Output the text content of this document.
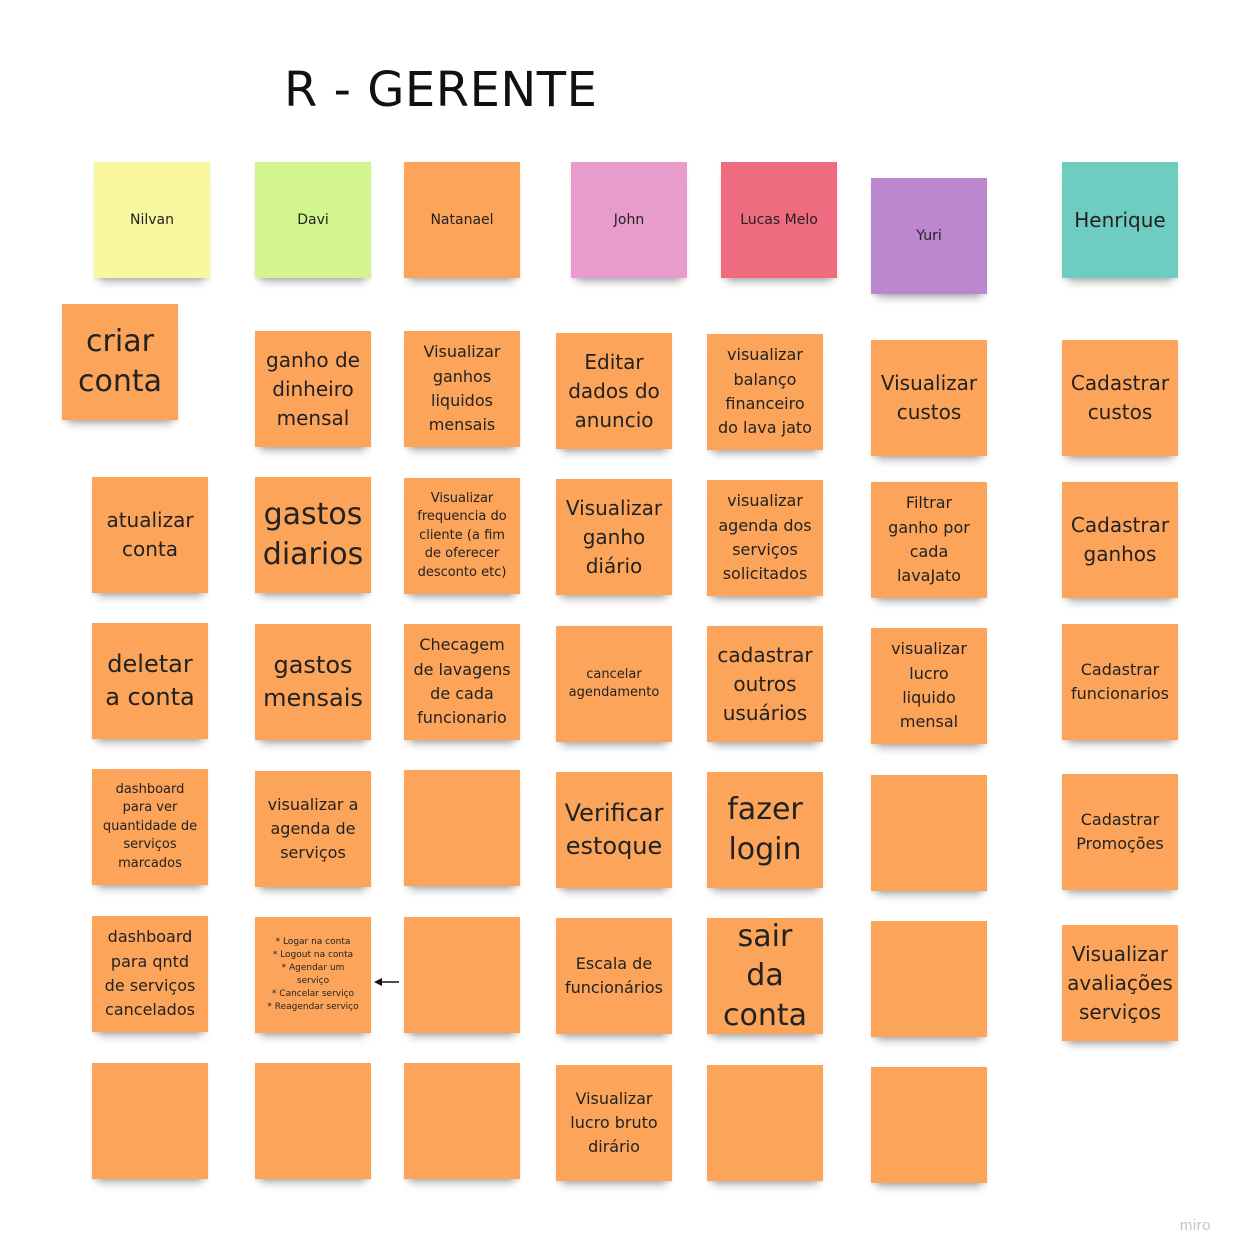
R - GERENTE
Nilvan	Davi	Natanael	John	Lucas Melo
Yuri
Henrique
criar
conta
atualizar
conta
deletar
a conta
dashboard
para ver
quantidade de
serviços
marcados
dashboard
para qntd
de serviços
cancelados
ganho de
dinheiro
mensal
gastos
diarios
gastos
mensais
visualizar a
agenda de
serviços
* Logar na conta
* Logout na conta
* Agendar um
serviço
* Cancelar serviço
* Reagendar serviço
Visualizar
ganhos
liquidos
mensais
Visualizar
frequencia do
cliente (a fim
de oferecer
desconto etc)
Checagem
de lavagens
de cada
funcionario
Editar
dados do
anuncio
Visualizar
ganho
diário
cancelar
agendamento
Verificar
estoque
Escala de
funcionários
Visualizar
lucro bruto
dirário
visualizar
balanço
financeiro
do lava jato
visualizar
agenda dos
serviços
solicitados
cadastrar
outros
usuários
fazer
login
sair da
conta
Visualizar
custos
Filtrar
ganho por
cada
lavaJato
visualizar
lucro
liquido
mensal
Cadastrar
custos
Cadastrar
ganhos
Cadastrar
funcionarios
Cadastrar
Promoções
Visualizar
avaliações
serviços
miro
